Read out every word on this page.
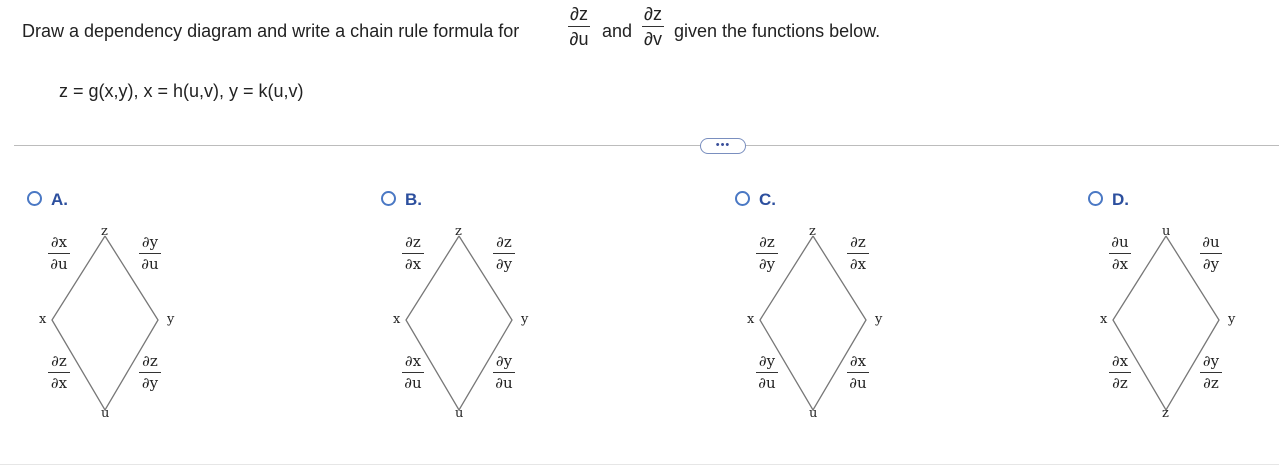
Draw a dependency diagram and write a chain rule formula for
∂z
∂u and
∂z
∂v given the functions below.
z = g(x,y), x = h(u,v), y = k(u,v)
•••
A.
z
x	y
u
∂x
∂u
∂y
∂u
∂z
∂x
∂z
∂y
B.
z
x	y
u
∂z
∂x
∂z
∂y
∂x
∂u
∂y
∂u
C.
z
x	y
u
∂z
∂y
∂z
∂x
∂y
∂u
∂x
∂u
D.
u
x	y
z
∂u
∂x
∂u
∂y
∂x
∂z
∂y
∂z
